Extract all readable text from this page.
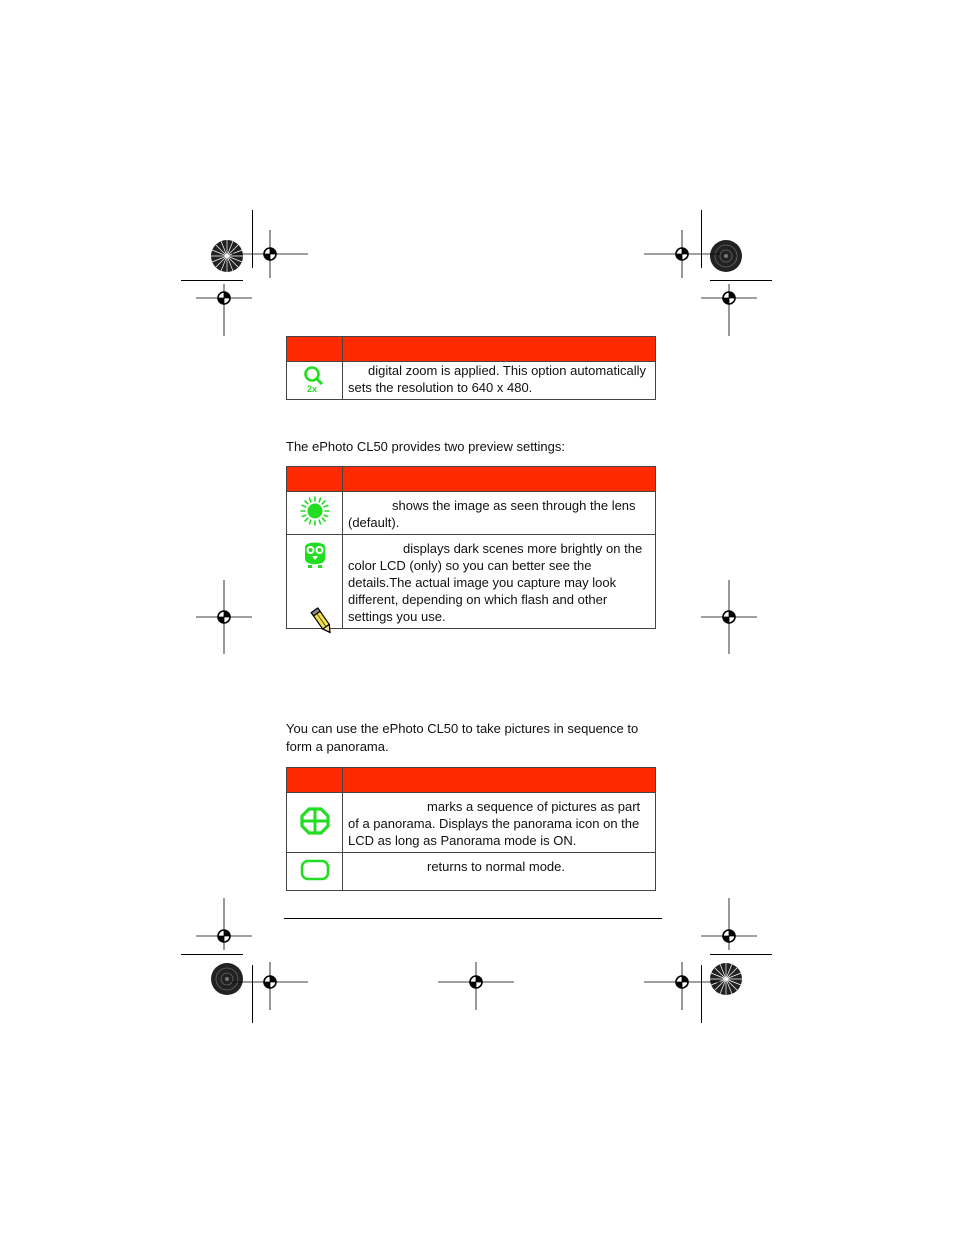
2x	digital zoom is applied. This option automatically sets the resolution to 640 x 480.
The ePhoto CL50 provides two preview settings:

	shows the image as seen through the lens (default).
	displays dark scenes more brightly on the color LCD (only) so you can better see the details.The actual image you capture may look different, depending on which flash and other settings you use.
You can use the ePhoto CL50 to take pictures in sequence to form a panorama.

	marks a sequence of pictures as part of a panorama. Displays the panorama icon on the LCD as long as Panorama mode is ON.
	returns to normal mode.
